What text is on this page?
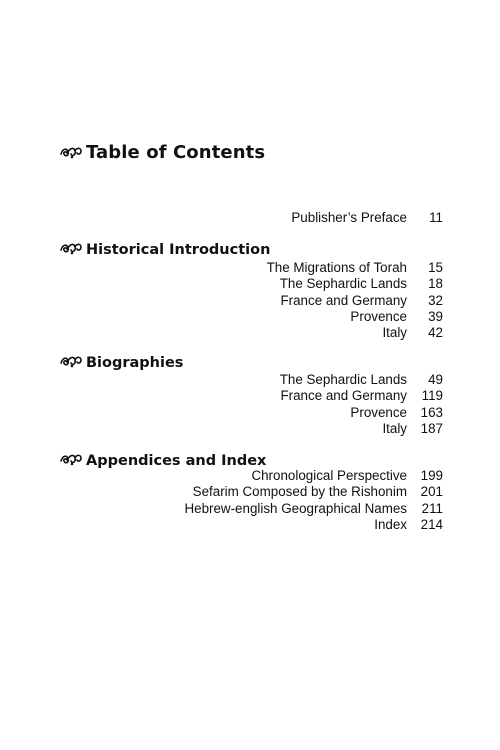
Table of Contents
Publisher’s Preface	11
Historical Introduction
The Migrations of Torah	15
The Sephardic Lands	18
France and Germany	32
Provence	39
Italy	42
Biographies
The Sephardic Lands	49
France and Germany	119
Provence	163
Italy	187
Appendices and Index
Chronological Perspective	199
Sefarim Composed by the Rishonim	201
Hebrew-english Geographical Names	211
Index	214
